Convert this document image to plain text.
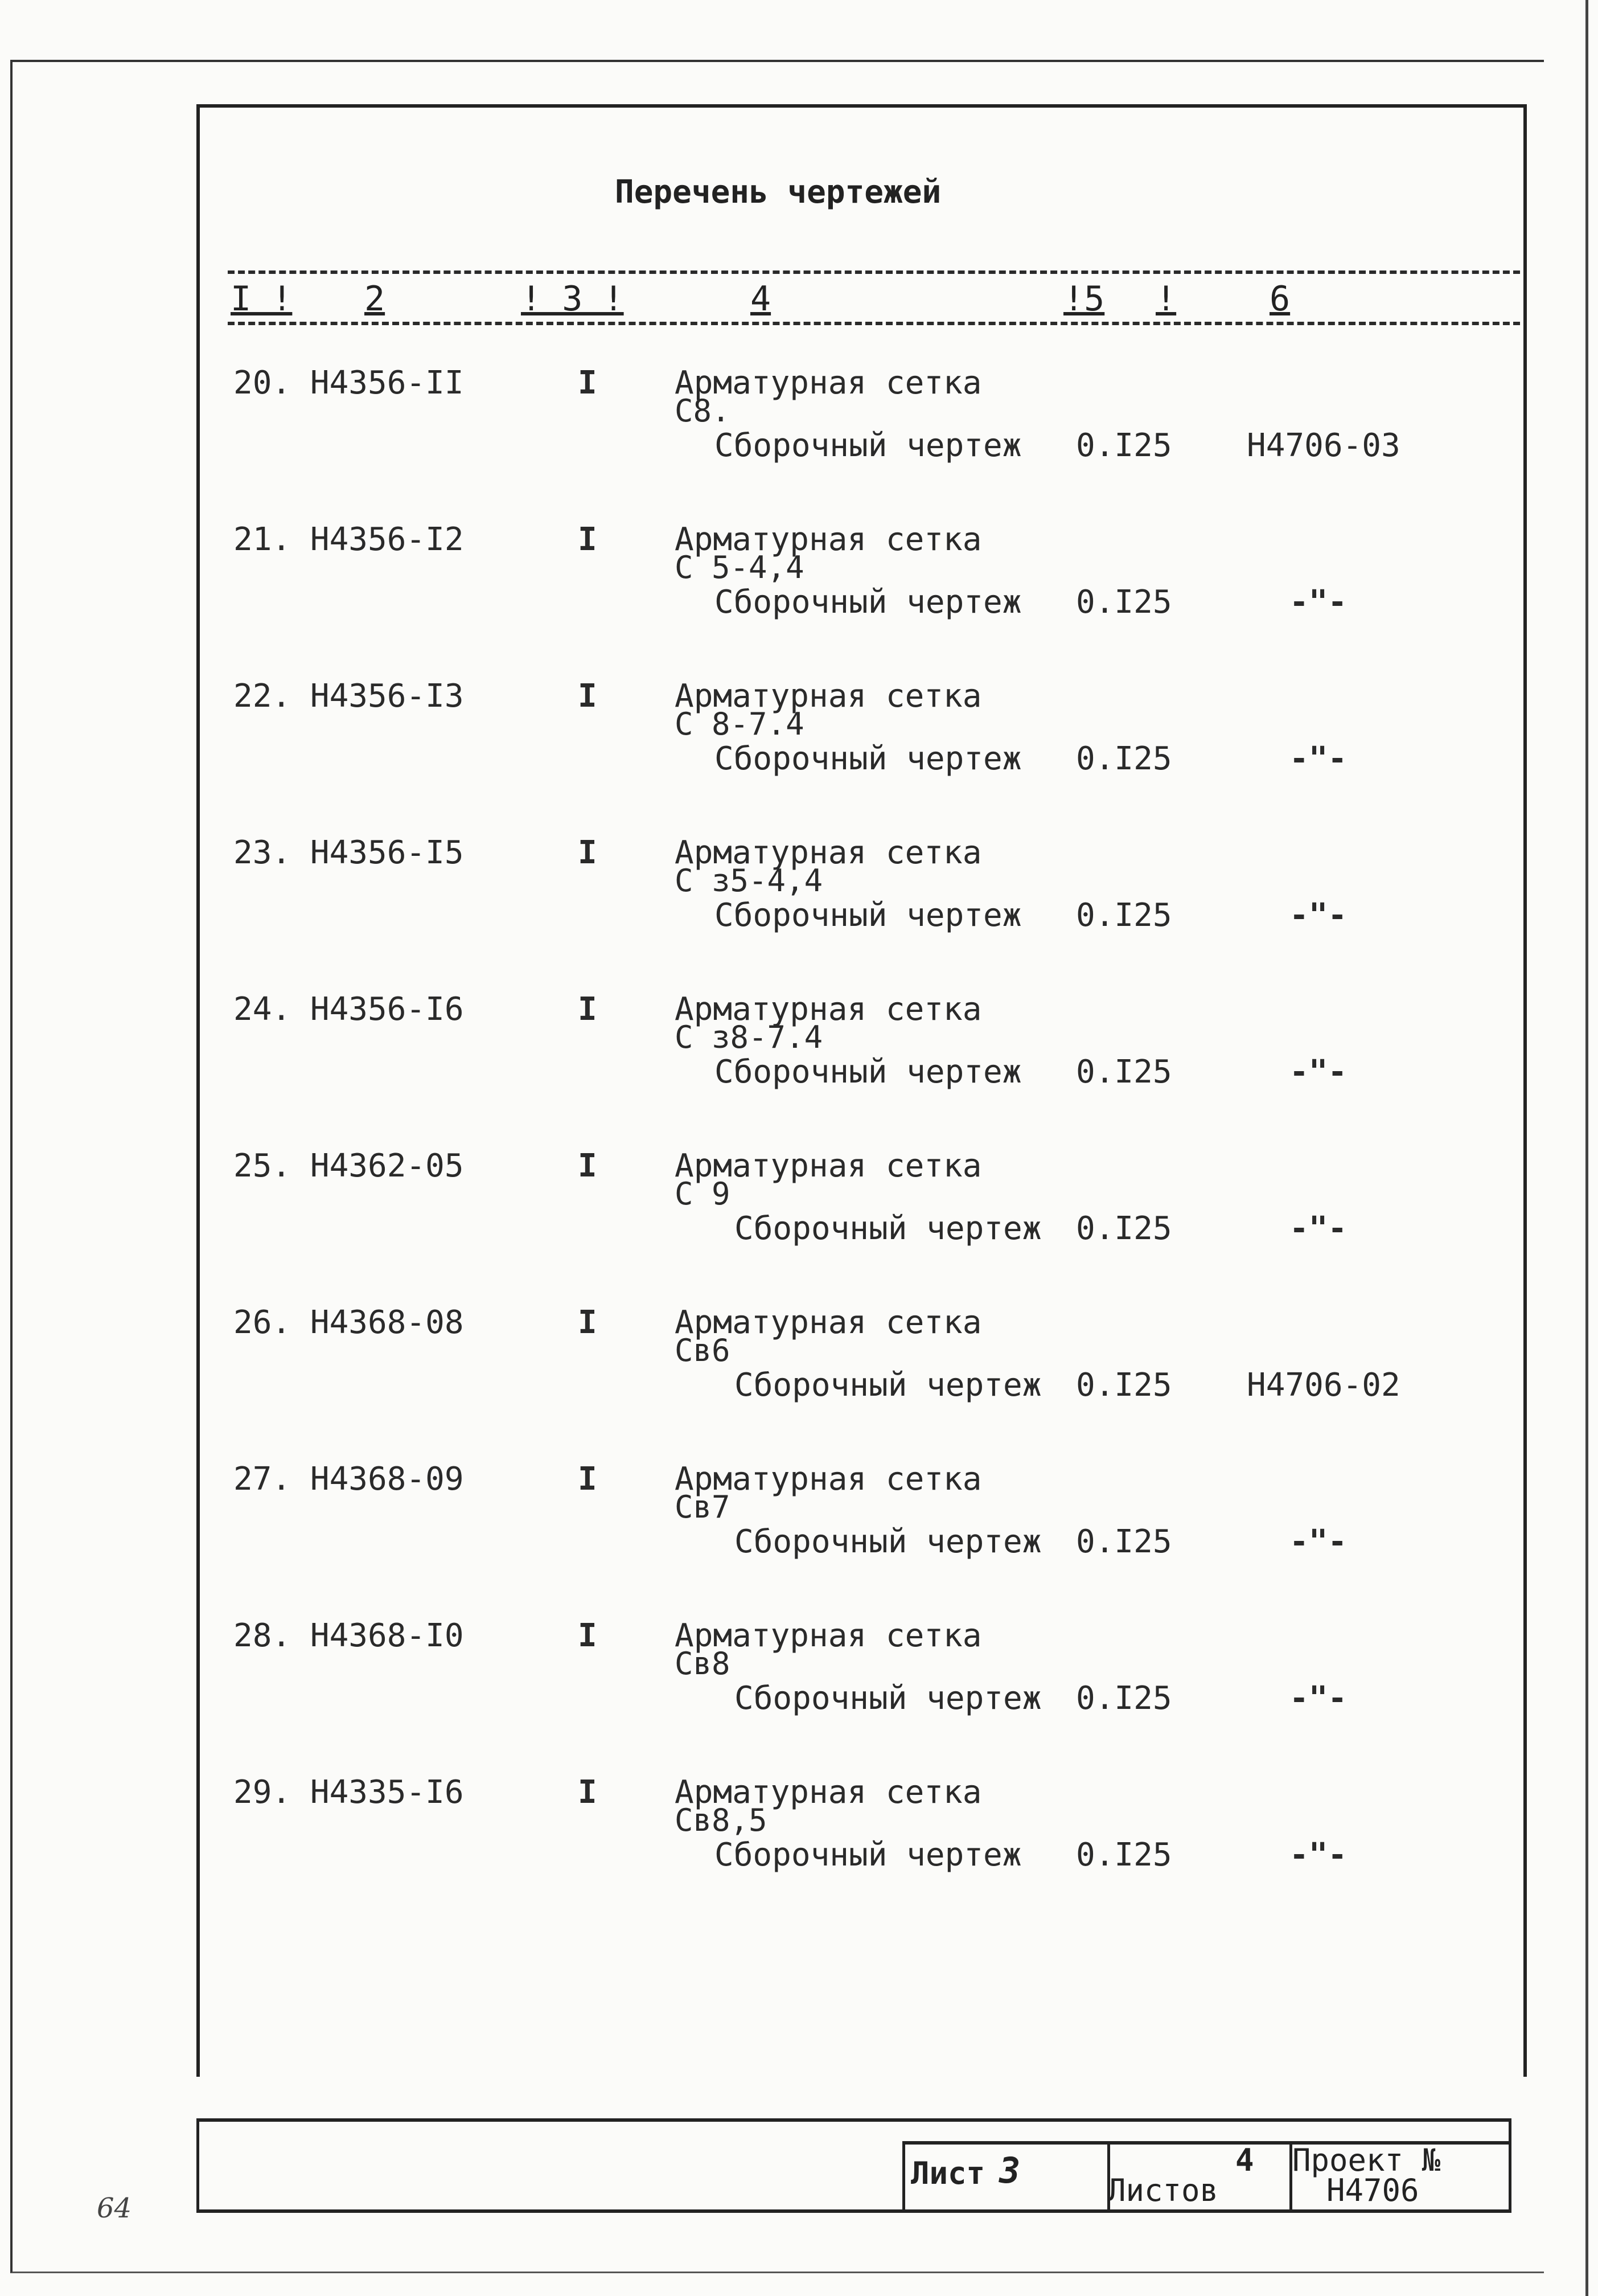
Перечень чертежей
I ! 2	! 3 !	4	!5 !	6
20. Н4356-II	I Арматурная сетка
С8.
Сборочный чертеж 0.I25 Н4706-03
21. Н4356-I2	I Арматурная сетка
С 5-4,4
Сборочный чертеж 0.I25	-"-
22. Н4356-I3	I Арматурная сетка
С 8-7.4
Сборочный чертеж 0.I25	-"-
23. Н4356-I5	I Арматурная сетка
С з5-4,4
Сборочный чертеж 0.I25	-"-
24. Н4356-I6	I Арматурная сетка
С з8-7.4
Сборочный чертеж 0.I25	-"-
25. Н4362-05	I Арматурная сетка
С 9
Сборочный чертеж 0.I25	-"-
26. Н4368-08	I Арматурная сетка
Св6
Сборочный чертеж 0.I25 Н4706-02
27. Н4368-09	I Арматурная сетка
Св7
Сборочный чертеж 0.I25	-"-
28. Н4368-I0	I Арматурная сетка
Св8
Сборочный чертеж 0.I25	-"-
29. Н4335-I6	I Арматурная сетка
Св8,5
Сборочный чертеж 0.I25	-"-
Лист 3	Листов
4 Проект №
Н4706
64
